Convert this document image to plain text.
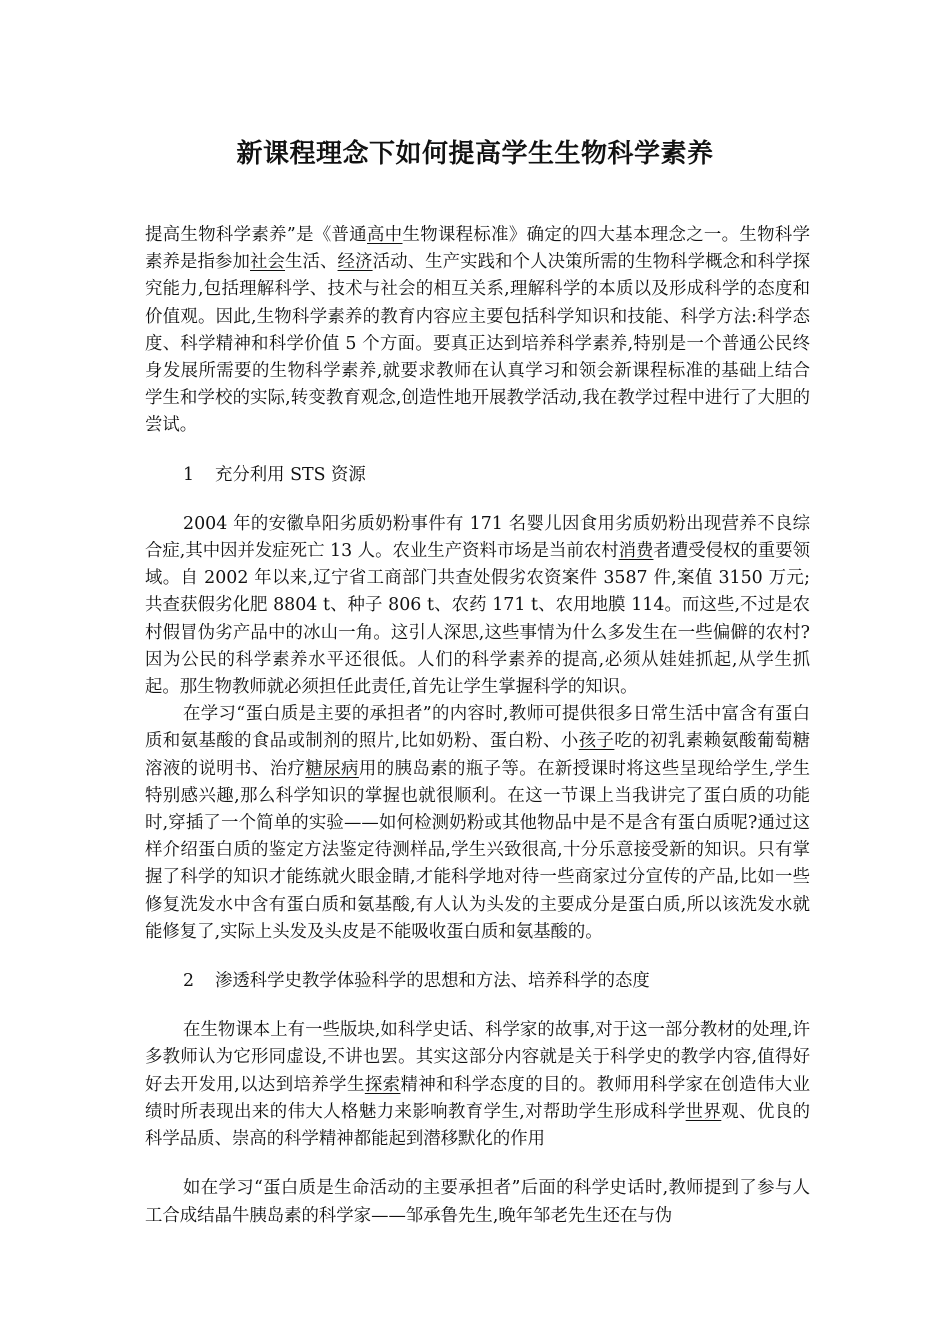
新课程理念下如何提高学生生物科学素养

提高生物科学素养”是《普通高中生物课程标准》确定的四大基本理念之一。生物科学素养是指参加社会生活、经济活动、生产实践和个人决策所需的生物科学概念和科学探究能力,包括理解科学、技术与社会的相互关系,理解科学的本质以及形成科学的态度和价值观。因此,生物科学素养的教育内容应主要包括科学知识和技能、科学方法:科学态度、科学精神和科学价值 5 个方面。要真正达到培养科学素养,特别是一个普通公民终身发展所需要的生物科学素养,就要求教师在认真学习和领会新课程标准的基础上结合学生和学校的实际,转变教育观念,创造性地开展教学活动,我在教学过程中进行了大胆的尝试。

1 充分利用 STS 资源

2004 年的安徽阜阳劣质奶粉事件有 171 名婴儿因食用劣质奶粉出现营养不良综合症,其中因并发症死亡 13 人。农业生产资料市场是当前农村消费者遭受侵权的重要领域。自 2002 年以来,辽宁省工商部门共查处假劣农资案件 3587 件,案值 3150 万元;共查获假劣化肥 8804 t、种子 806 t、农药 171 t、农用地膜 114。而这些,不过是农村假冒伪劣产品中的冰山一角。这引人深思,这些事情为什么多发生在一些偏僻的农村?因为公民的科学素养水平还很低。人们的科学素养的提高,必须从娃娃抓起,从学生抓起。那生物教师就必须担任此责任,首先让学生掌握科学的知识。

在学习“蛋白质是主要的承担者”的内容时,教师可提供很多日常生活中富含有蛋白质和氨基酸的食品或制剂的照片,比如奶粉、蛋白粉、小孩子吃的初乳素赖氨酸葡萄糖溶液的说明书、治疗糖尿病用的胰岛素的瓶子等。在新授课时将这些呈现给学生,学生特别感兴趣,那么科学知识的掌握也就很顺利。在这一节课上当我讲完了蛋白质的功能时,穿插了一个简单的实验——如何检测奶粉或其他物品中是不是含有蛋白质呢?通过这样介绍蛋白质的鉴定方法鉴定待测样品,学生兴致很高,十分乐意接受新的知识。只有掌握了科学的知识才能练就火眼金睛,才能科学地对待一些商家过分宣传的产品,比如一些修复洗发水中含有蛋白质和氨基酸,有人认为头发的主要成分是蛋白质,所以该洗发水就能修复了,实际上头发及头皮是不能吸收蛋白质和氨基酸的。

2 渗透科学史教学体验科学的思想和方法、培养科学的态度

在生物课本上有一些版块,如科学史话、科学家的故事,对于这一部分教材的处理,许多教师认为它形同虚设,不讲也罢。其实这部分内容就是关于科学史的教学内容,值得好好去开发用,以达到培养学生探索精神和科学态度的目的。教师用科学家在创造伟大业绩时所表现出来的伟大人格魅力来影响教育学生,对帮助学生形成科学世界观、优良的科学品质、崇高的科学精神都能起到潜移默化的作用

如在学习“蛋白质是生命活动的主要承担者”后面的科学史话时,教师提到了参与人工合成结晶牛胰岛素的科学家——邹承鲁先生,晚年邹老先生还在与伪
